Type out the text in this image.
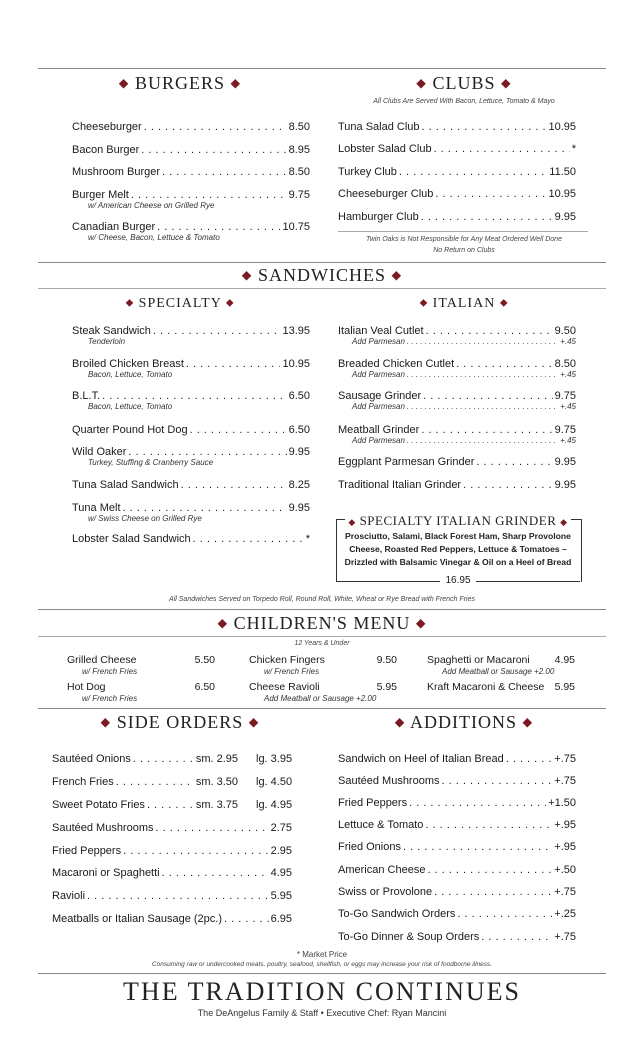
◆ BURGERS ◆
Cheeseburger . . .	8.50
Bacon Burger . . .	8.95
Mushroom Burger . . .	8.50
Burger Melt . . .	9.75
w/ American Cheese on Grilled Rye
Canadian Burger . . .	10.75
w/ Cheese, Bacon, Lettuce & Tomato
◆ CLUBS ◆
All Clubs Are Served With Bacon, Lettuce, Tomato & Mayo
Tuna Salad Club . . .	10.95
Lobster Salad Club . . .	*
Turkey Club . . .	11.50
Cheeseburger Club . . .	10.95
Hamburger Club . . .	9.95
Twin Oaks is Not Responsible for Any Meat Ordered Well Done
No Return on Clubs
◆ SANDWICHES ◆
◆ SPECIALTY ◆	◆ ITALIAN ◆
Steak Sandwich . . .	13.95
Tenderloin
Broiled Chicken Breast . . .	10.95
Bacon, Lettuce, Tomato
B.L.T. . . .	6.50
Bacon, Lettuce, Tomato
Quarter Pound Hot Dog . . .	6.50
Wild Oaker . . .	9.95
Turkey, Stuffing & Cranberry Sauce
Tuna Salad Sandwich . . .	8.25
Tuna Melt . . .	9.95
w/ Swiss Cheese on Grilled Rye
Lobster Salad Sandwich . . .	*
Italian Veal Cutlet . . .	9.50
Add Parmesan . . .	+.45
Breaded Chicken Cutlet . . .	8.50
Add Parmesan . . .	+.45
Sausage Grinder . . .	9.75
Add Parmesan . . .	+.45
Meatball Grinder . . .	9.75
Add Parmesan . . .	+.45
Eggplant Parmesan Grinder . . .	9.95
Traditional Italian Grinder . . .	9.95
◆ SPECIALTY ITALIAN GRINDER ◆
Prosciutto, Salami, Black Forest Ham, Sharp Provolone Cheese, Roasted Red Peppers, Lettuce & Tomatoes – Drizzled with Balsamic Vinegar & Oil on a Heel of Bread
16.95
All Sandwiches Served on Torpedo Roll, Round Roll, White, Wheat or Rye Bread with French Fries
◆ CHILDREN'S MENU ◆
12 Years & Under
Grilled Cheese	5.50
w/ French Fries
Hot Dog	6.50
w/ French Fries
Chicken Fingers	9.50
w/ French Fries
Cheese Ravioli	5.95
Add Meatball or Sausage +2.00
Spaghetti or Macaroni 4.95
Add Meatball or Sausage +2.00
Kraft Macaroni & Cheese 5.95
◆ SIDE ORDERS ◆
Sautéed Onions . . .	sm. 2.95 lg. 3.95
French Fries . . .	sm. 3.50 lg. 4.50
Sweet Potato Fries . . .	sm. 3.75 lg. 4.95
Sautéed Mushrooms . . .	2.75
Fried Peppers . . .	2.95
Macaroni or Spaghetti . . .	4.95
Ravioli . . .	5.95
Meatballs or Italian Sausage (2pc.) . . .	6.95
◆ ADDITIONS ◆
Sandwich on Heel of Italian Bread . . .	+.75
Sautéed Mushrooms . . .	+.75
Fried Peppers . . .	+1.50
Lettuce & Tomato . . .	+.95
Fried Onions . . .	+.95
American Cheese . . .	+.50
Swiss or Provolone . . .	+.75
To-Go Sandwich Orders . . .	+.25
To-Go Dinner & Soup Orders . . .	+.75
* Market Price
Consuming raw or undercooked meats, poultry, seafood, shellfish, or eggs may increase your risk of foodborne illness.
THE TRADITION CONTINUES
The DeAngelus Family & Staff • Executive Chef: Ryan Mancini
